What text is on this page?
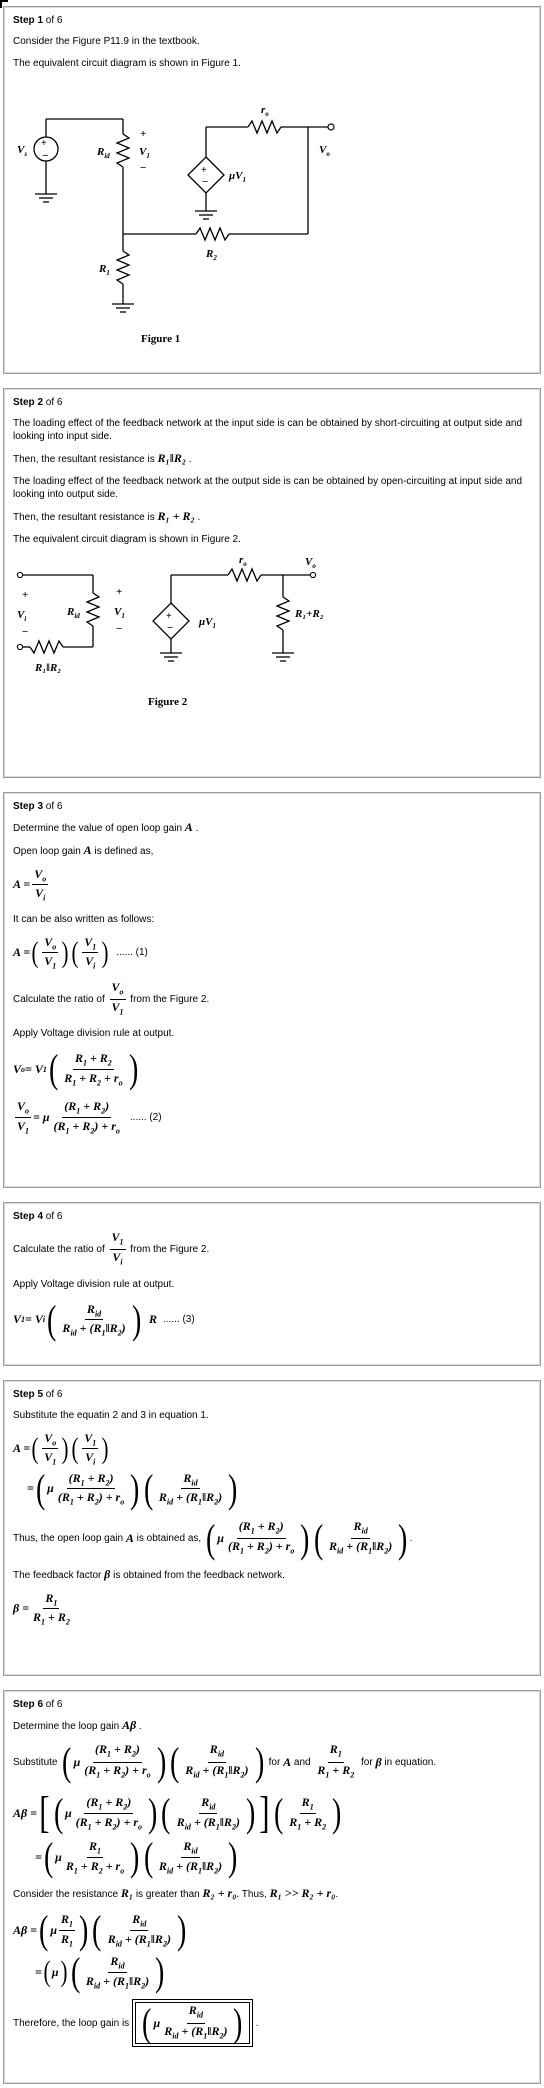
Step 1 of 6

Consider the Figure P11.9 in the textbook.

The equivalent circuit diagram is shown in Figure 1.

+
−
+
−
+
−
$V_s$	$R_{id}$	$V_1$
$\mu V_1$
$r_o$
$V_o$
$R_2$
$R_1$
Figure 1
Step 2 of 6

The loading effect of the feedback network at the input side is can be obtained by short-circuiting at output side and looking into input side.

Then, the resultant resistance is R₁‖R₂ .

The loading effect of the feedback network at the output side is can be obtained by open-circuiting at input side and looking into output side.

Then, the resultant resistance is R₁ + R₂ .

The equivalent circuit diagram is shown in Figure 2.

+
−
+
−
+
−
$V_i$
$R_{id}$	$V_1$
R₁‖R₂
$\mu V_1$
$r_o$	$V_o$
R₁+R₂
Figure 2
Step 3 of 6

Determine the value of open loop gain A .

Open loop gain A is defined as,

$A = \frac{V_o}{V_i}$

It can be also written as follows:

A = ( $\frac{V_o}{V_1}$ ) ( $\frac{V_1}{V_i}$ ) ...... (1)

Calculate the ratio of
$\frac{V_o}{V_1}$
from the Figure 2.

Apply Voltage division rule at output.

V o = V 1 ( $\frac{R_1 + R_2}{R_1 + R_2 + r_o}$ )
$\frac{V_o}{V_1} = \mu \frac{(R_1 + R_2)}{(R_1 + R_2) + r_o}$ ...... (2)
Step 4 of 6

Calculate the ratio of
$\frac{V_1}{V_i}$
from the Figure 2.

Apply Voltage division rule at output.

V 1 = V i ( $\frac{R_{id}}{R_{id} + (R_1‖R_2)}$ )
R ...... (3)
Step 5 of 6

Substitute the equatin 2 and 3 in equation 1.

A = ( $\frac{V_o}{V_1}$ ) ( $\frac{V_1}{V_i}$ )
= ( μ $\frac{(R_1 + R_2)}{(R_1 + R_2) + r_o}$ ) ( $\frac{R_{id}}{R_{id} + (R_1‖R_2)}$ )

Thus, the open loop gain
A
is obtained as,
( μ $\frac{(R_1 + R_2)}{(R_1 + R_2) + r_o}$ ) ( $\frac{R_{id}}{R_{id} + (R_1‖R_2)}$ ) .

The feedback factor β is obtained from the feedback network.

$\beta = \frac{R_1}{R_1 + R_2}$
Step 6 of 6

Determine the loop gain Aβ .

Substitute
( μ $\frac{(R_1 + R_2)}{(R_1 + R_2) + r_o}$ ) ( $\frac{R_{id}}{R_{id} + (R_1‖R_2)}$ )
for
A
and
$\frac{R_1}{R_1 + R_2}$
for
β
in equation.

Aβ = [ ( μ $\frac{(R_1 + R_2)}{(R_1 + R_2) + r_o}$ ) ( $\frac{R_{id}}{R_{id} + (R_1‖R_2)}$ ) ] ( $\frac{R_1}{R_1 + R_2}$ )
= ( μ $\frac{R_1}{R_1 + R_2 + r_o}$ ) ( $\frac{R_{id}}{R_{id} + (R_1‖R_2)}$ )

Consider the resistance R₁ is greater than R₂ + r₀. Thus, R₁ >> R₂ + r₀.

Aβ = ( μ $\frac{R_1}{R_1}$ ) ( $\frac{R_{id}}{R_{id} + (R_1‖R_2)}$ )
= ( μ ) ( $\frac{R_{id}}{R_{id} + (R_1‖R_2)}$ )

Therefore, the loop gain is ( μ $\frac{R_{id}}{R_{id} + (R_1‖R_2)}$ ) .
